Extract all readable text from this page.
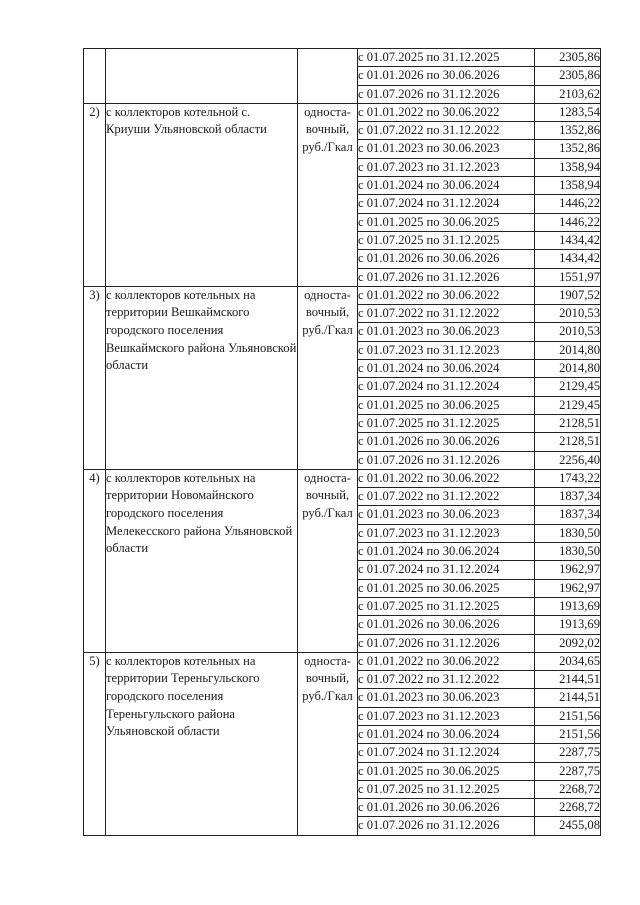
			с 01.07.2025 по 31.12.2025	2305,86
			с 01.01.2026 по 30.06.2026	2305,86
			с 01.07.2026 по 31.12.2026	2103,62
2)	с коллекторов котельной с. Криуши Ульяновской области	односта-вочный, руб./Гкал	с 01.01.2022 по 30.06.2022	1283,54
			с 01.07.2022 по 31.12.2022	1352,86
			с 01.01.2023 по 30.06.2023	1352,86
			с 01.07.2023 по 31.12.2023	1358,94
			с 01.01.2024 по 30.06.2024	1358,94
			с 01.07.2024 по 31.12.2024	1446,22
			с 01.01.2025 по 30.06.2025	1446,22
			с 01.07.2025 по 31.12.2025	1434,42
			с 01.01.2026 по 30.06.2026	1434,42
			с 01.07.2026 по 31.12.2026	1551,97
3)	с коллекторов котельных на территории Вешкаймского городского поселения Вешкаймского района Ульяновской области	односта-вочный, руб./Гкал	с 01.01.2022 по 30.06.2022	1907,52
			с 01.07.2022 по 31.12.2022	2010,53
			с 01.01.2023 по 30.06.2023	2010,53
			с 01.07.2023 по 31.12.2023	2014,80
			с 01.01.2024 по 30.06.2024	2014,80
			с 01.07.2024 по 31.12.2024	2129,45
			с 01.01.2025 по 30.06.2025	2129,45
			с 01.07.2025 по 31.12.2025	2128,51
			с 01.01.2026 по 30.06.2026	2128,51
			с 01.07.2026 по 31.12.2026	2256,40
4)	с коллекторов котельных на территории Новомайнского городского поселения Мелекесского района Ульяновской области	односта-вочный, руб./Гкал	с 01.01.2022 по 30.06.2022	1743,22
			с 01.07.2022 по 31.12.2022	1837,34
			с 01.01.2023 по 30.06.2023	1837,34
			с 01.07.2023 по 31.12.2023	1830,50
			с 01.01.2024 по 30.06.2024	1830,50
			с 01.07.2024 по 31.12.2024	1962,97
			с 01.01.2025 по 30.06.2025	1962,97
			с 01.07.2025 по 31.12.2025	1913,69
			с 01.01.2026 по 30.06.2026	1913,69
			с 01.07.2026 по 31.12.2026	2092,02
5)	с коллекторов котельных на территории Тереньгульского городского поселения Тереньгульского района Ульяновской области	односта-вочный, руб./Гкал	с 01.01.2022 по 30.06.2022	2034,65
			с 01.07.2022 по 31.12.2022	2144,51
			с 01.01.2023 по 30.06.2023	2144,51
			с 01.07.2023 по 31.12.2023	2151,56
			с 01.01.2024 по 30.06.2024	2151,56
			с 01.07.2024 по 31.12.2024	2287,75
			с 01.01.2025 по 30.06.2025	2287,75
			с 01.07.2025 по 31.12.2025	2268,72
			с 01.01.2026 по 30.06.2026	2268,72
			с 01.07.2026 по 31.12.2026	2455,08
